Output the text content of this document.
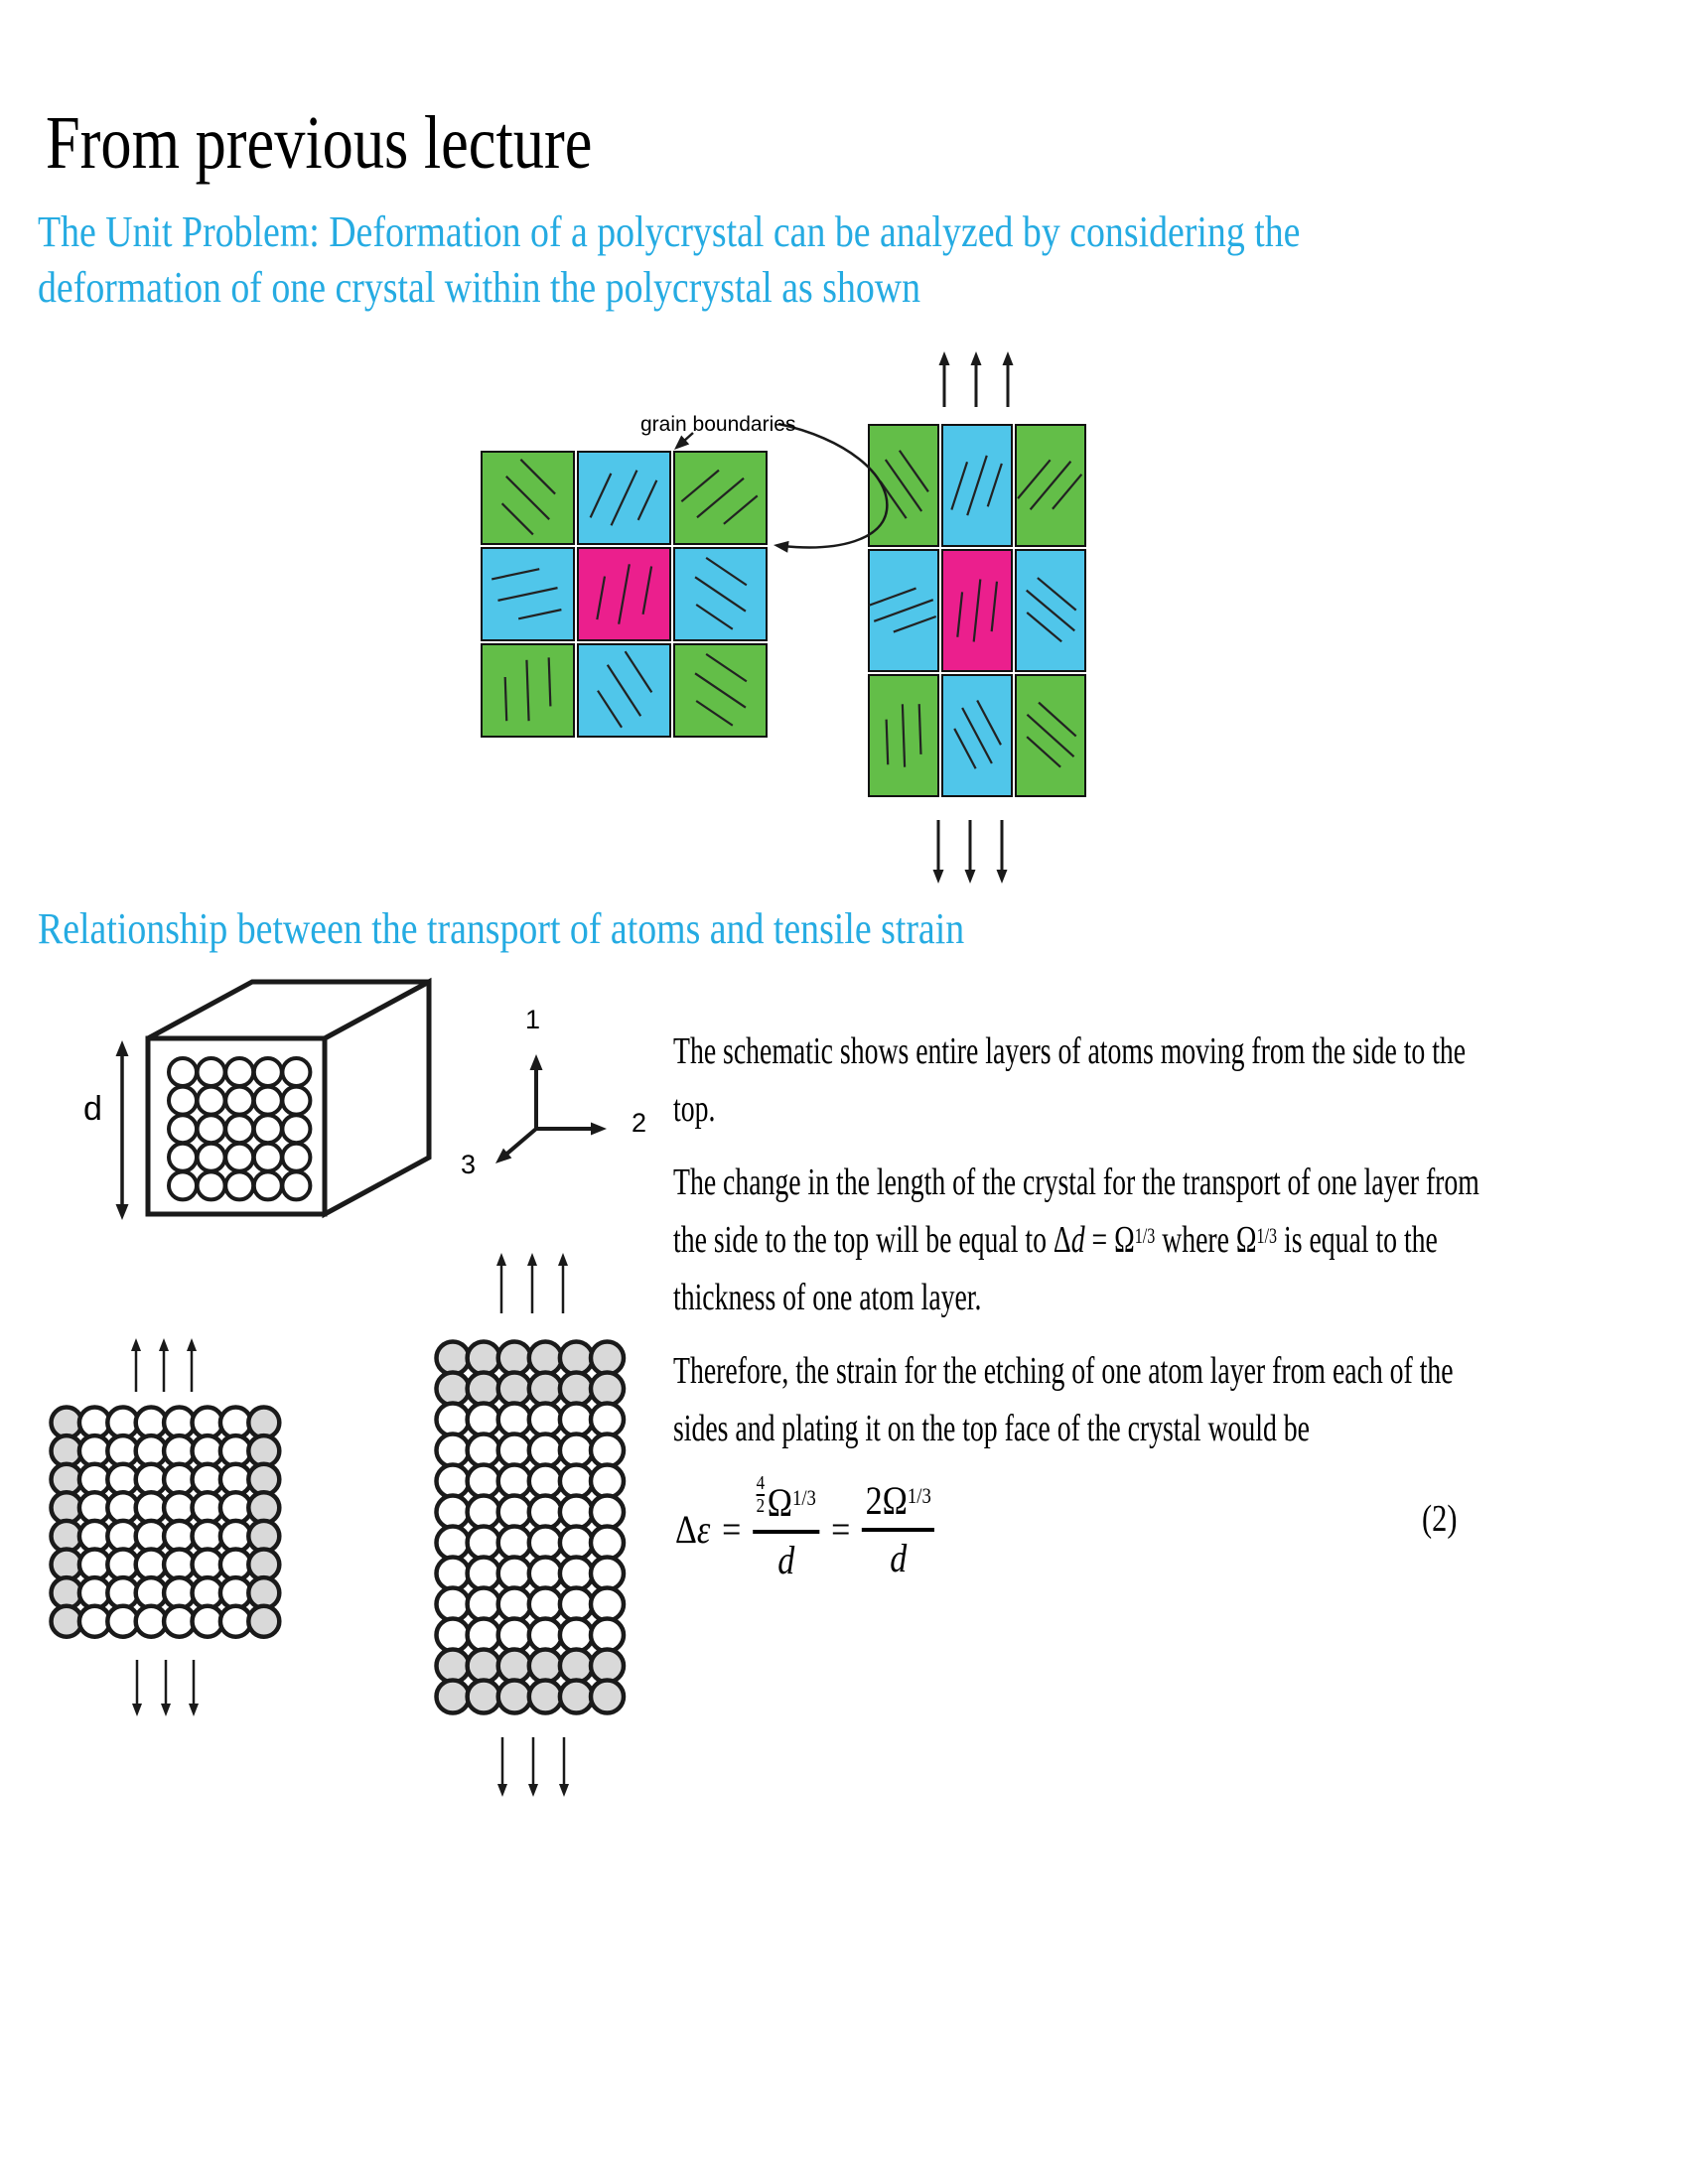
From previous lecture
The Unit Problem: Deformation of a polycrystal can be analyzed by considering the
deformation of one crystal within the polycrystal as shown
grain boundaries
Relationship between the transport of atoms and tensile strain
d
1
2
3
The schematic shows entire layers of atoms moving from the side to the
top.
The change in the length of the crystal for the transport of one layer from
the side to the top will be equal to $\Delta d = \Omega^{1/3}$ where $\Omega^{1/3}$ is equal to the
thickness of one atom layer.
Therefore, the strain for the etching of one atom layer from each of the
sides and plating it on the top face of the crystal would be
Δε = 4
2 Ω 1/3
$d = \frac{2 \Omega 1/3}{d}$	(2)
